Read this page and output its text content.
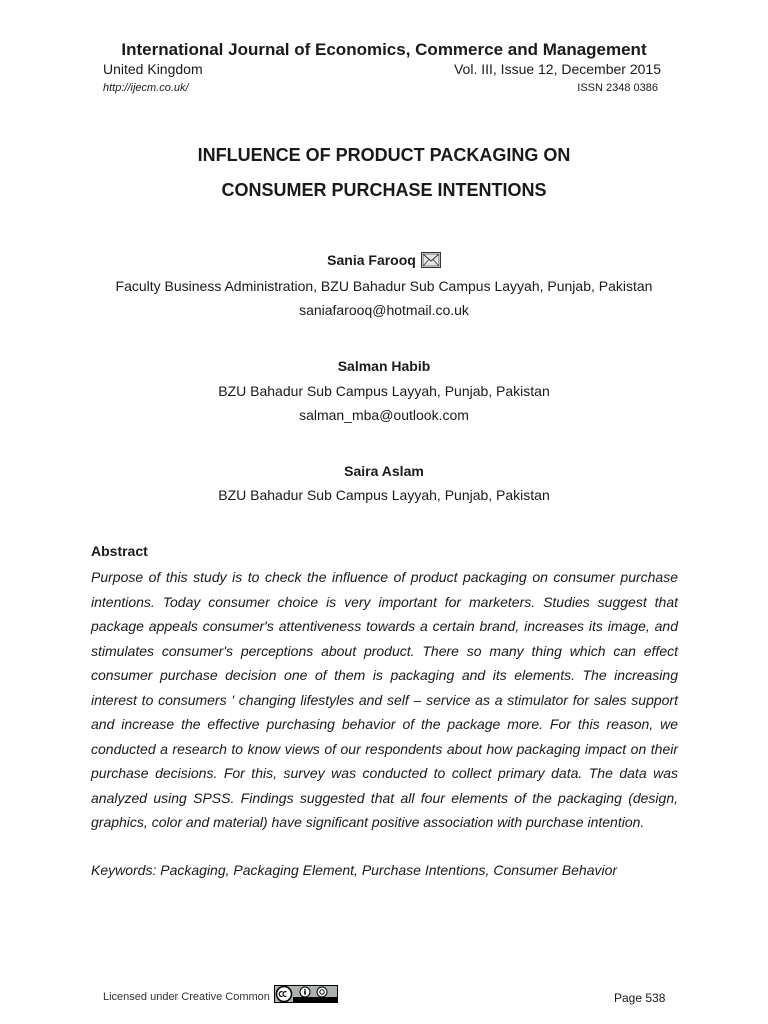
International Journal of Economics, Commerce and Management
United Kingdom	Vol. III, Issue 12, December 2015
http://ijecm.co.uk/	ISSN 2348 0386
INFLUENCE OF PRODUCT PACKAGING ON
CONSUMER PURCHASE INTENTIONS
Sania Farooq
Faculty Business Administration, BZU Bahadur Sub Campus Layyah, Punjab, Pakistan
saniafarooq@hotmail.co.uk
Salman Habib
BZU Bahadur Sub Campus Layyah, Punjab, Pakistan
salman_mba@outlook.com
Saira Aslam
BZU Bahadur Sub Campus Layyah, Punjab, Pakistan
Abstract

Purpose of this study is to check the influence of product packaging on consumer purchase intentions. Today consumer choice is very important for marketers. Studies suggest that package appeals consumer's attentiveness towards a certain brand, increases its image, and stimulates consumer's perceptions about product. There so many thing which can effect consumer purchase decision one of them is packaging and its elements. The increasing interest to consumers ' changing lifestyles and self – service as a stimulator for sales support and increase the effective purchasing behavior of the package more. For this reason, we conducted a research to know views of our respondents about how packaging impact on their purchase decisions. For this, survey was conducted to collect primary data. The data was analyzed using SPSS. Findings suggested that all four elements of the packaging (design, graphics, color and material) have significant positive association with purchase intention.

Keywords: Packaging, Packaging Element, Purchase Intentions, Consumer Behavior
Licensed under Creative Common	Page 538
